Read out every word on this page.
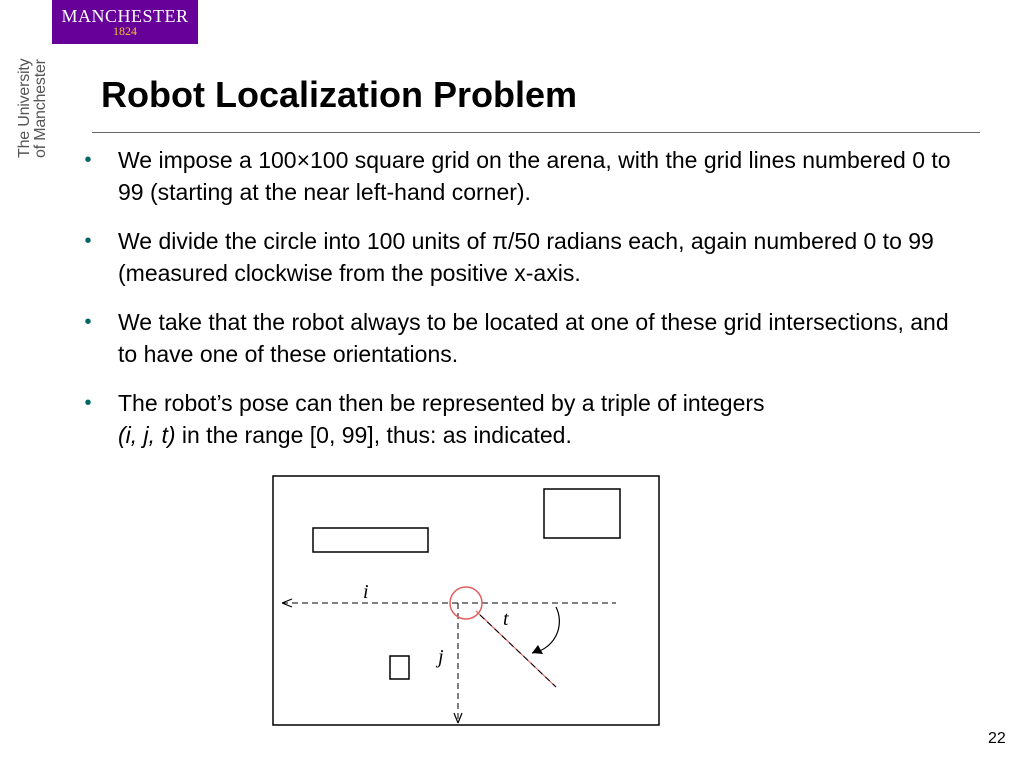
MANCHESTER
1824
The University of Manchester Robot Localization Problem
• We impose a 100×100 square grid on the arena, with the grid lines numbered 0 to 99 (starting at the near left-hand corner).
• We divide the circle into 100 units of π/50 radians each, again numbered 0 to 99 (measured clockwise from the positive x-axis.
• We take that the robot always to be located at one of these grid intersections, and to have one of these orientations.
• The robot’s pose can then be represented by a triple of integers
(i, j, t) in the range [0, 99], thus: as indicated.
i
j
t
22
